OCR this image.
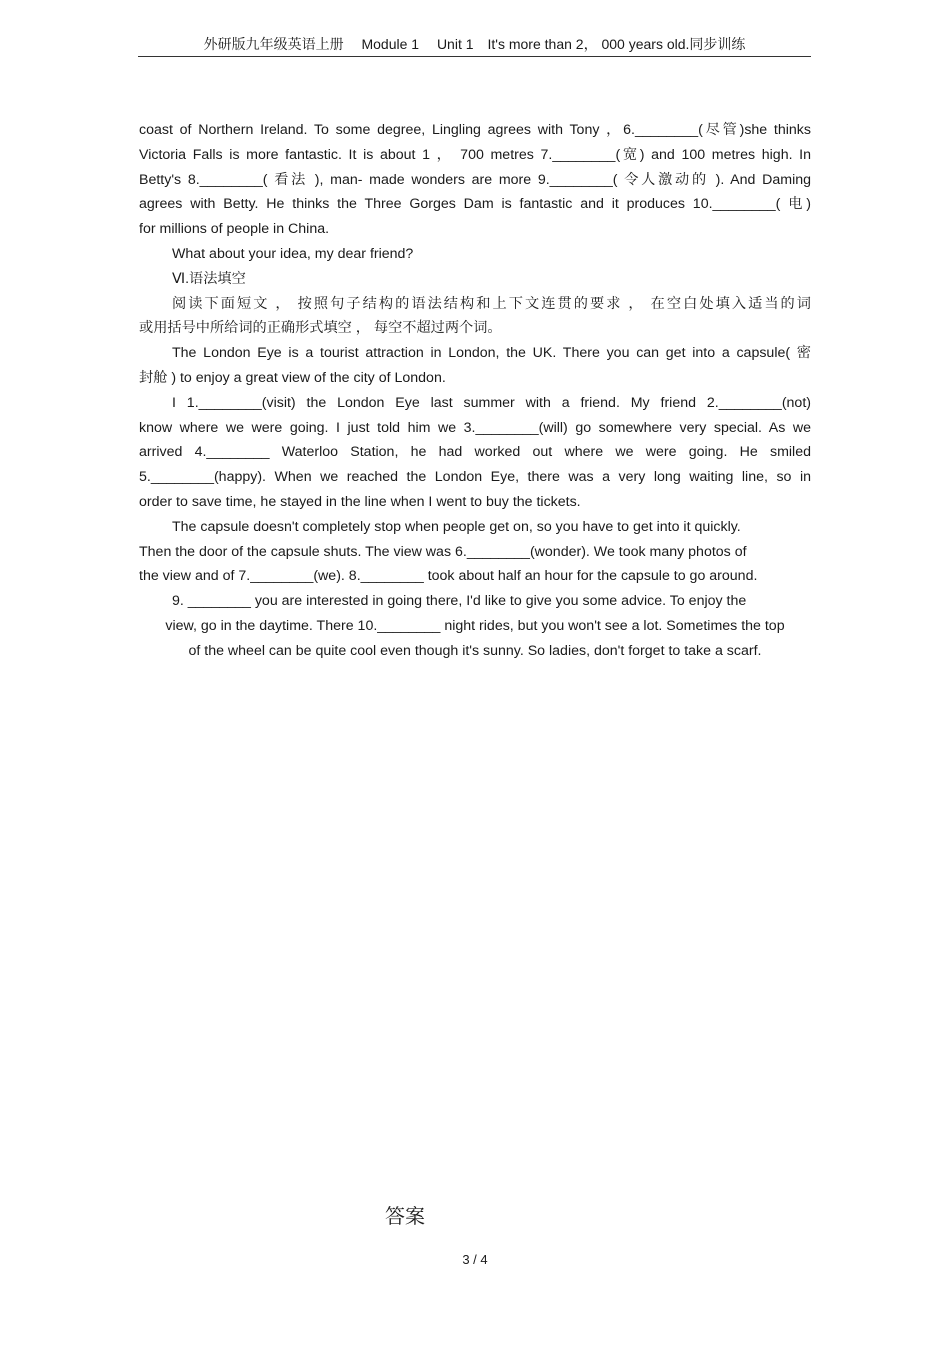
外研版九年级英语上册　 Module 1　 Unit 1　It's more than 2， 000 years old.同步训练

coast of Northern Ireland. To some degree, Lingling agrees with Tony ，6.________(尽管)she thinks

Victoria Falls is more fantastic. It is about 1 ， 700 metres 7.________(宽) and 100 metres high. In

Betty's 8.________( 看法 ), man- made wonders are more 9.________( 令人激动的 ). And Daming

agrees with Betty. He thinks the Three Gorges Dam is fantastic and it produces 10.________( 电)

for millions of people in China.

What about your idea, my dear friend?

Ⅵ.语法填空

阅读下面短文 ， 按照句子结构的语法结构和上下文连贯的要求 ， 在空白处填入适当的词

或用括号中所给词的正确形式填空 ， 每空不超过两个词。

The London Eye is a tourist attraction in London, the UK. There you can get into a capsule( 密

封舱 ) to enjoy a great view of the city of London.

I 1.________(visit) the London Eye last summer with a friend. My friend 2.________(not)

know where we were going. I just told him we 3.________(will) go somewhere very special. As we

arrived 4.________ Waterloo Station, he had worked out where we were going. He smiled

5.________(happy). When we reached the London Eye, there was a very long waiting line, so in

order to save time, he stayed in the line when I went to buy the tickets.

The capsule doesn't completely stop when people get on, so you have to get into it quickly.

Then the door of the capsule shuts. The view was 6.________(wonder). We took many photos of

the view and of 7.________(we). 8.________ took about half an hour for the capsule to go around.

9. ________ you are interested in going there, I'd like to give you some advice. To enjoy the

view, go in the daytime. There 10.________ night rides, but you won't see a lot. Sometimes the top

of the wheel can be quite cool even though it's sunny. So ladies, don't forget to take a scarf.

答案
3 / 4
